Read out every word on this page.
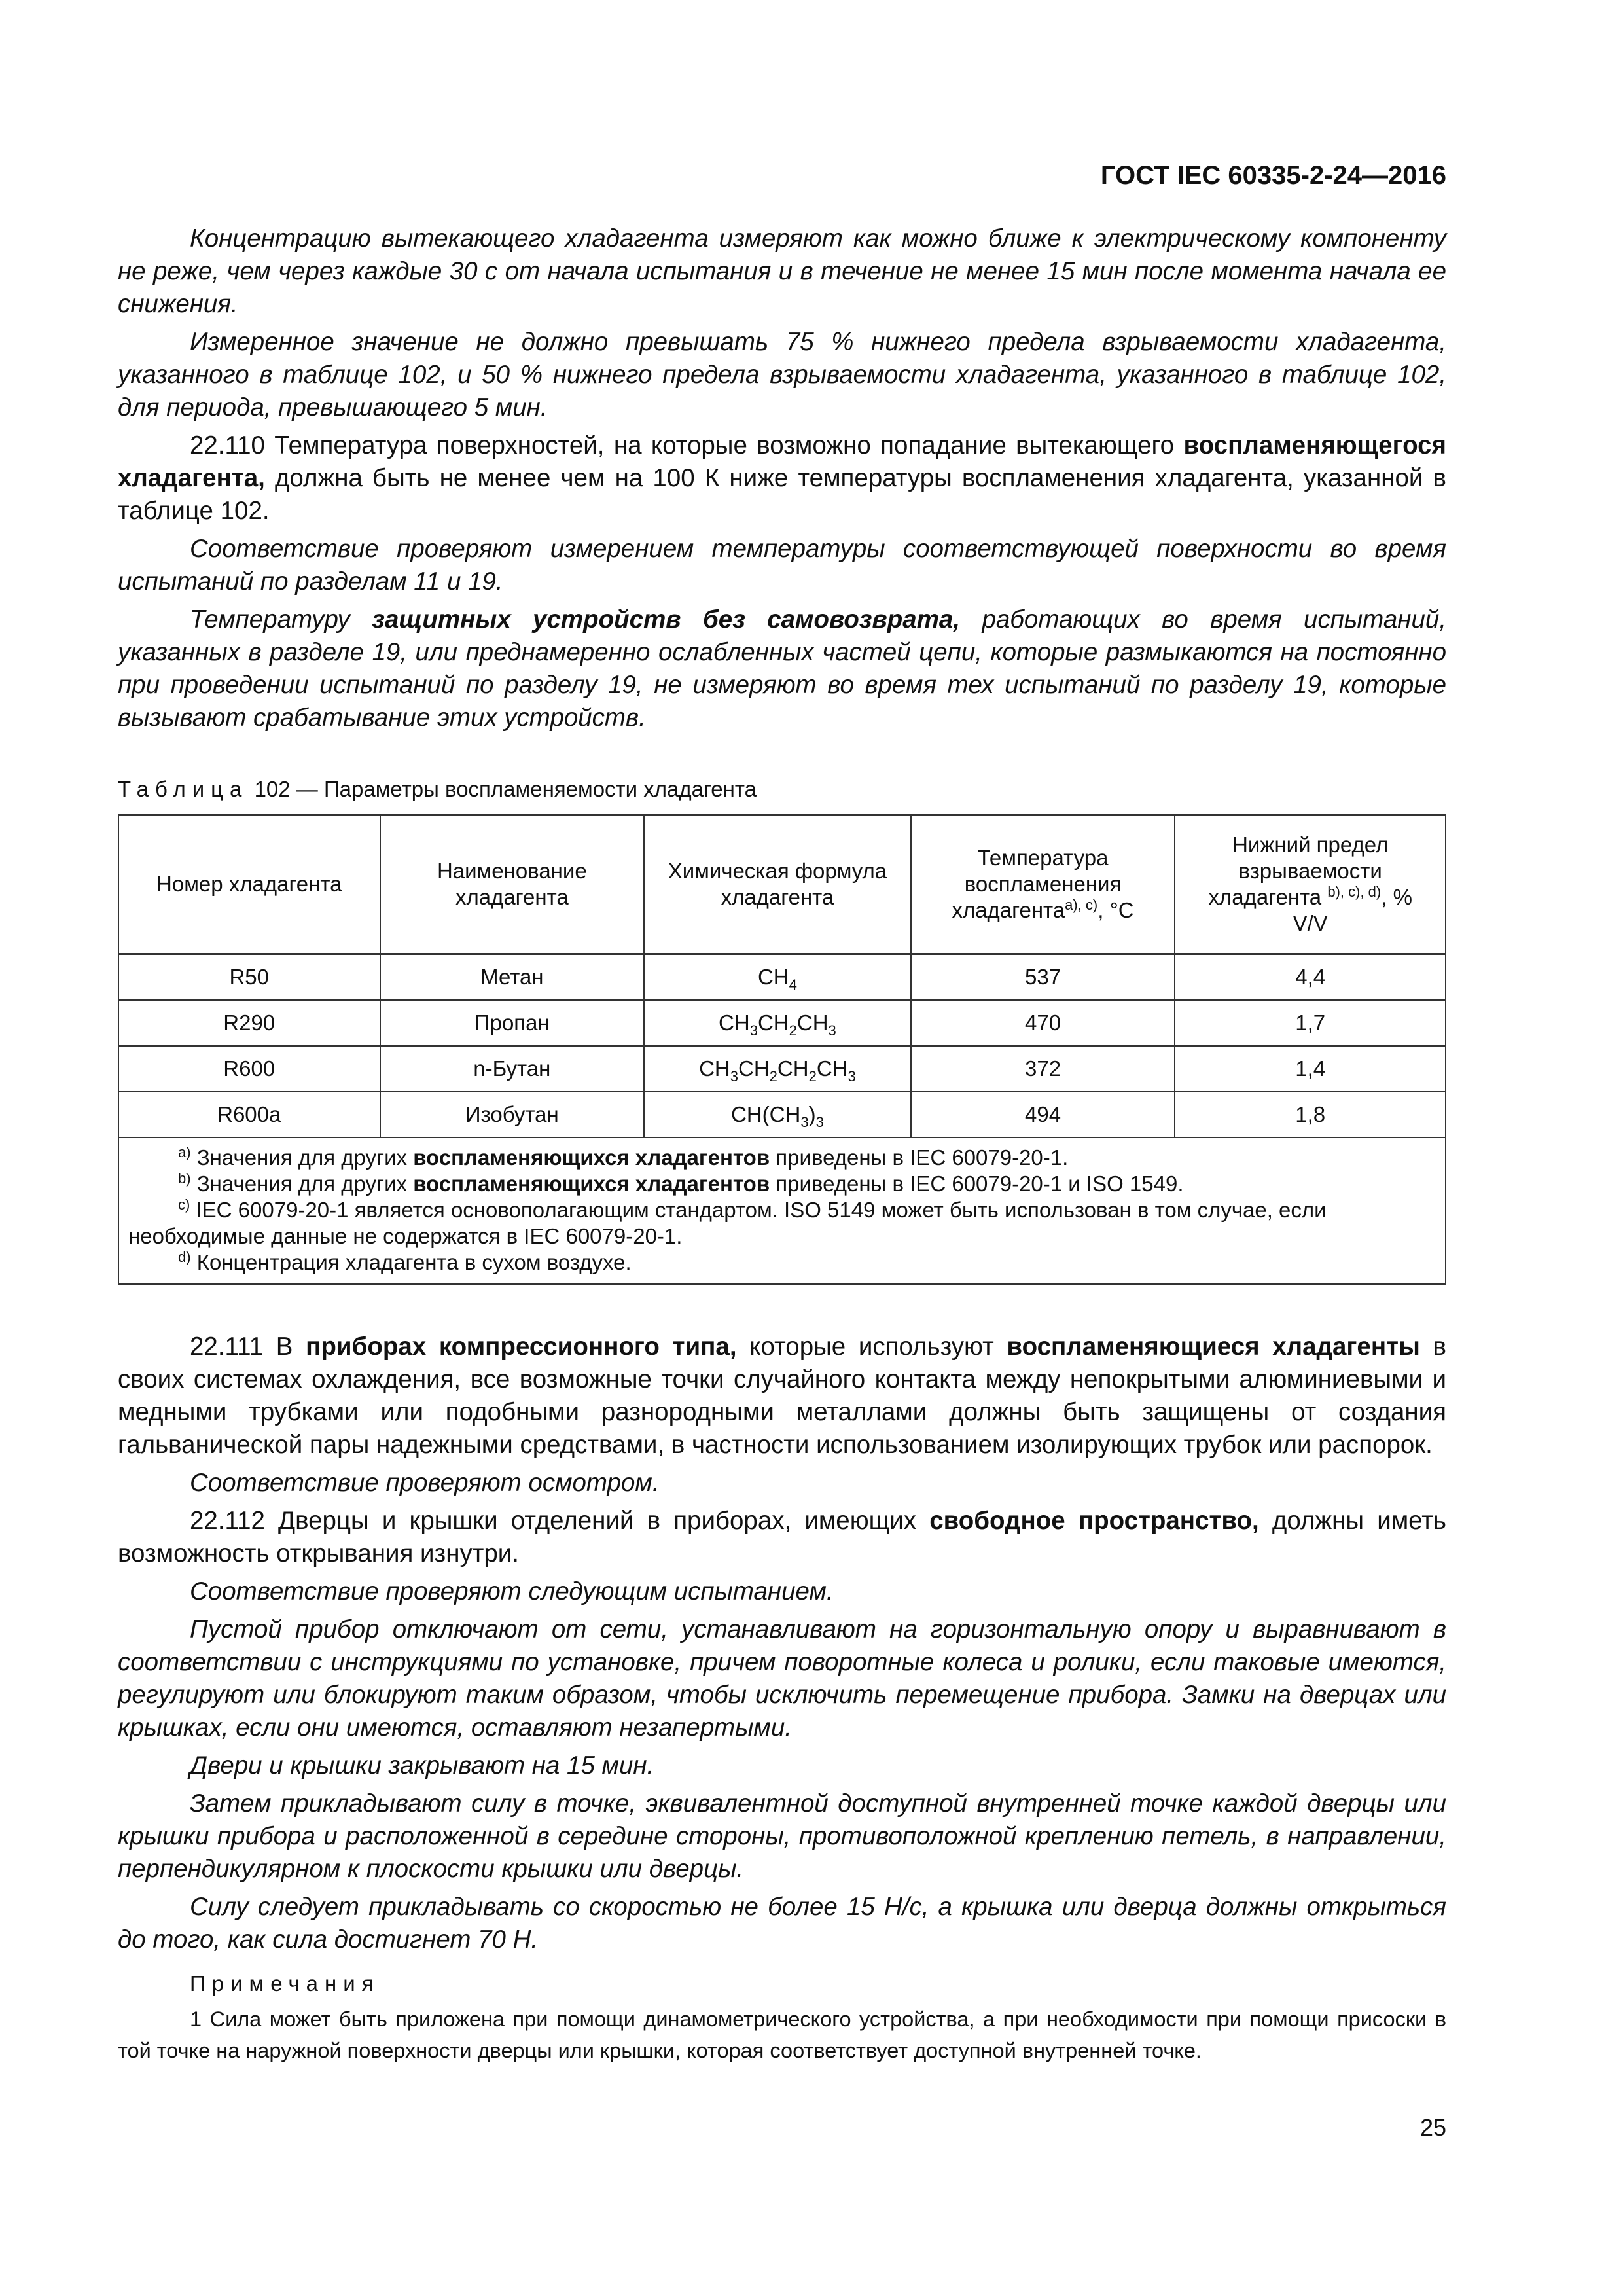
ГОСТ IEC 60335-2-24—2016

Концентрацию вытекающего хладагента измеряют как можно ближе к электрическому компоненту не реже, чем через каждые 30 с от начала испытания и в течение не менее 15 мин после момента начала ее снижения.

Измеренное значение не должно превышать 75 % нижнего предела взрываемости хладагента, указанного в таблице 102, и 50 % нижнего предела взрываемости хладагента, указанного в таблице 102, для периода, превышающего 5 мин.

22.110 Температура поверхностей, на которые возможно попадание вытекающего воспламеняющегося хладагента, должна быть не менее чем на 100 К ниже температуры воспламенения хладагента, указанной в таблице 102.

Соответствие проверяют измерением температуры соответствующей поверхности во время испытаний по разделам 11 и 19.

Температуру защитных устройств без самовозврата, работающих во время испытаний, указанных в разделе 19, или преднамеренно ослабленных частей цепи, которые размыкаются на постоянно при проведении испытаний по разделу 19, не измеряют во время тех испытаний по разделу 19, которые вызывают срабатывание этих устройств.

Таблица 102 — Параметры воспламеняемости хладагента
Номер хладагента	Наименование хладагента	Химическая формула хладагента	Температура воспламенения хладагента$^{a), c)}$, °С	Нижний предел взрываемости хладагента $^{b), c), d)}$, % V/V
R50	Метан	$CH_4$	537	4,4
R290	Пропан	$CH_3CH_2CH_3$	470	1,7
R600	n-Бутан	$CH_3CH_2CH_2CH_3$	372	1,4
R600a	Изобутан	$CH(CH_3)_3$	494	1,8

$^{a)}$ Значения для других воспламеняющихся хладагентов приведены в IEC 60079-20-1.
$^{b)}$ Значения для других воспламеняющихся хладагентов приведены в IEC 60079-20-1 и ISO 1549.
$^{c)}$ IEC 60079-20-1 является основополагающим стандартом. ISO 5149 может быть использован в том случае, если необходимые данные не содержатся в IEC 60079-20-1.
$^{d)}$ Концентрация хладагента в сухом воздухе.				

22.111 В приборах компрессионного типа, которые используют воспламеняющиеся хладагенты в своих системах охлаждения, все возможные точки случайного контакта между непокрытыми алюминиевыми и медными трубками или подобными разнородными металлами должны быть защищены от создания гальванической пары надежными средствами, в частности использованием изолирующих трубок или распорок.

Соответствие проверяют осмотром.

22.112 Дверцы и крышки отделений в приборах, имеющих свободное пространство, должны иметь возможность открывания изнутри.

Соответствие проверяют следующим испытанием.

Пустой прибор отключают от сети, устанавливают на горизонтальную опору и выравнивают в соответствии с инструкциями по установке, причем поворотные колеса и ролики, если таковые имеются, регулируют или блокируют таким образом, чтобы исключить перемещение прибора. Замки на дверцах или крышках, если они имеются, оставляют незапертыми.

Двери и крышки закрывают на 15 мин.

Затем прикладывают силу в точке, эквивалентной доступной внутренней точке каждой дверцы или крышки прибора и расположенной в середине стороны, противоположной креплению петель, в направлении, перпендикулярном к плоскости крышки или дверцы.

Силу следует прикладывать со скоростью не более 15 Н/с, а крышка или дверца должны открыться до того, как сила достигнет 70 Н.

Примечания

1 Сила может быть приложена при помощи динамометрического устройства, а при необходимости при помощи присоски в той точке на наружной поверхности дверцы или крышки, которая соответствует доступной внутренней точке.

25
